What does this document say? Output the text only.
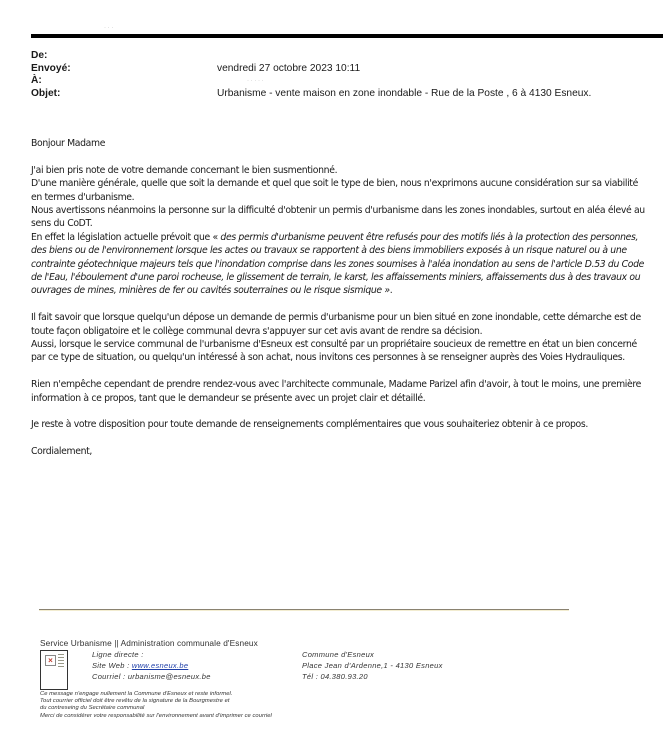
· · ·
De:
Envoyé:	vendredi 27 octobre 2023 10:11
À:	· · · · ·
Objet:	Urbanisme - vente maison en zone inondable - Rue de la Poste , 6 à 4130 Esneux.

Bonjour Madame

J'ai bien pris note de votre demande concernant le bien susmentionné.

D'une manière générale, quelle que soit la demande et quel que soit le type de bien, nous n'exprimons aucune considération sur sa viabilité en termes d'urbanisme.

Nous avertissons néanmoins la personne sur la difficulté d'obtenir un permis d'urbanisme dans les zones inondables, surtout en aléa élevé au sens du CoDT.

En effet la législation actuelle prévoit que « des permis d'urbanisme peuvent être refusés pour des motifs liés à la protection des personnes, des biens ou de l'environnement lorsque les actes ou travaux se rapportent à des biens immobiliers exposés à un risque naturel ou à une contrainte géotechnique majeurs tels que l'inondation comprise dans les zones soumises à l'aléa inondation au sens de l'article D.53 du Code de l'Eau, l'éboulement d'une paroi rocheuse, le glissement de terrain, le karst, les affaissements miniers, affaissements dus à des travaux ou ouvrages de mines, minières de fer ou cavités souterraines ou le risque sismique ».

Il fait savoir que lorsque quelqu'un dépose un demande de permis d'urbanisme pour un bien situé en zone inondable, cette démarche est de toute façon obligatoire et le collège communal devra s'appuyer sur cet avis avant de rendre sa décision.

Aussi, lorsque le service communal de l'urbanisme d'Esneux est consulté par un propriétaire soucieux de remettre en état un bien concerné par ce type de situation, ou quelqu'un intéressé à son achat, nous invitons ces personnes à se renseigner auprès des Voies Hydrauliques.

Rien n'empêche cependant de prendre rendez-vous avec l'architecte communale, Madame Parizel afin d'avoir, à tout le moins, une première information à ce propos, tant que le demandeur se présente avec un projet clair et détaillé.

Je reste à votre disposition pour toute demande de renseignements complémentaires que vous souhaiteriez obtenir à ce propos.

Cordialement,

Service Urbanisme || Administration communale d'Esneux
×
Ligne directe :
Site Web : www.esneux.be
Courriel : urbanisme@esneux.be
Commune d'Esneux
Place Jean d'Ardenne,1 - 4130 Esneux
Tél : 04.380.93.20
Ce message n'engage nullement la Commune d'Esneux et reste informel.
Tout courrier officiel doit être revêtu de la signature de la Bourgmestre et
du contreseing du Secrétaire communal
Merci de considérer votre responsabilité sur l'environnement avant d'imprimer ce courriel
